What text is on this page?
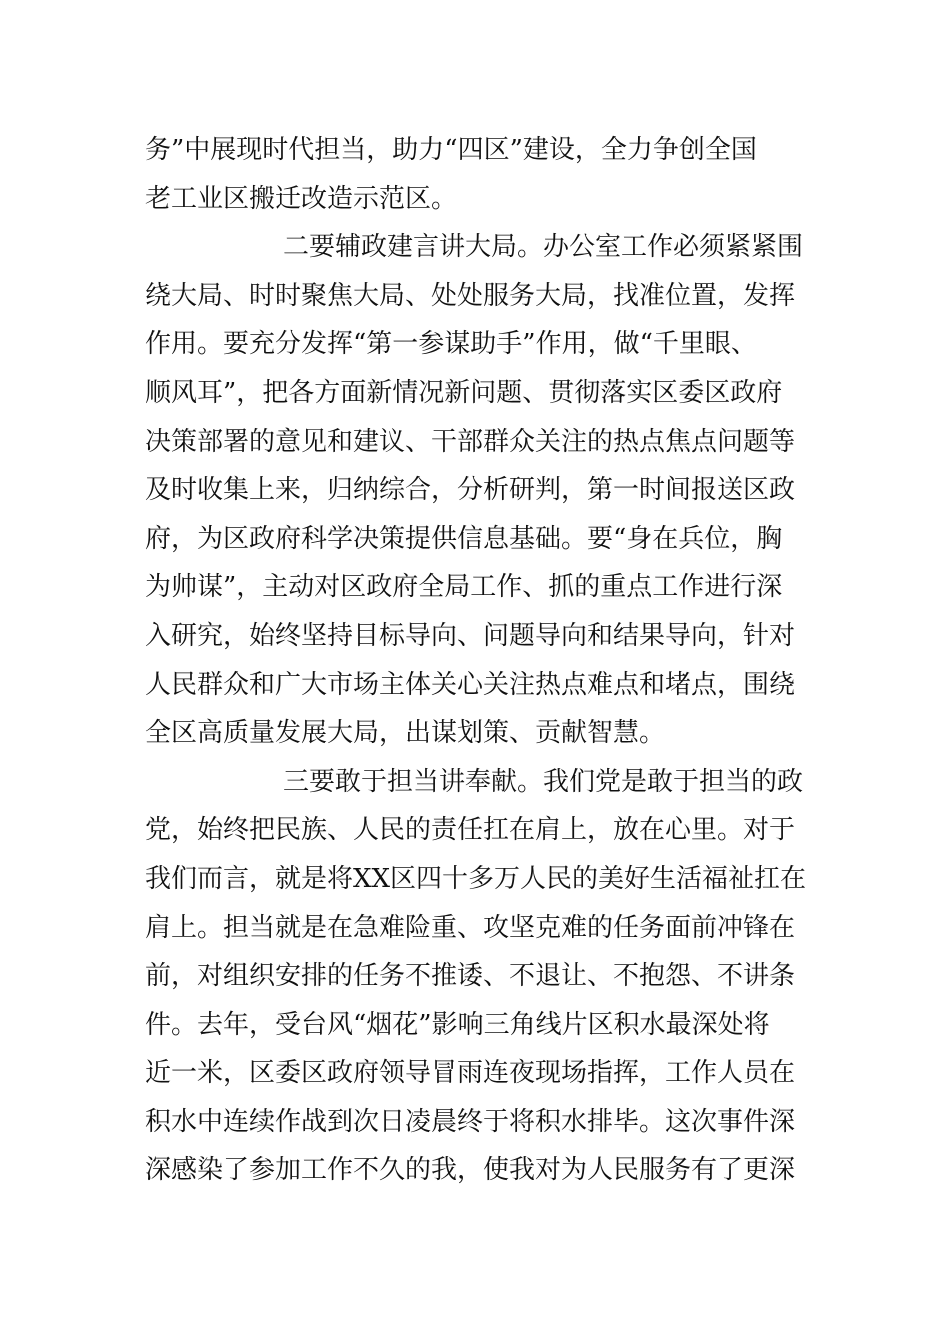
务”中展现时代担当，助力“四区”建设，全力争创全国
老工业区搬迁改造示范区。
二要辅政建言讲大局。办公室工作必须紧紧围
绕大局、时时聚焦大局、处处服务大局，找准位置，发挥
作用。要充分发挥“第一参谋助手”作用，做“千里眼、
顺风耳”，把各方面新情况新问题、贯彻落实区委区政府
决策部署的意见和建议、干部群众关注的热点焦点问题等
及时收集上来，归纳综合，分析研判，第一时间报送区政
府，为区政府科学决策提供信息基础。要“身在兵位，胸
为帅谋”，主动对区政府全局工作、抓的重点工作进行深
入研究，始终坚持目标导向、问题导向和结果导向，针对
人民群众和广大市场主体关心关注热点难点和堵点，围绕
全区高质量发展大局，出谋划策、贡献智慧。
三要敢于担当讲奉献。我们党是敢于担当的政
党，始终把民族、人民的责任扛在肩上，放在心里。对于
我们而言，就是将XX区四十多万人民的美好生活福祉扛在
肩上。担当就是在急难险重、攻坚克难的任务面前冲锋在
前，对组织安排的任务不推诿、不退让、不抱怨、不讲条
件。去年，受台风“烟花”影响三角线片区积水最深处将
近一米，区委区政府领导冒雨连夜现场指挥，工作人员在
积水中连续作战到次日凌晨终于将积水排毕。这次事件深
深感染了参加工作不久的我，使我对为人民服务有了更深
